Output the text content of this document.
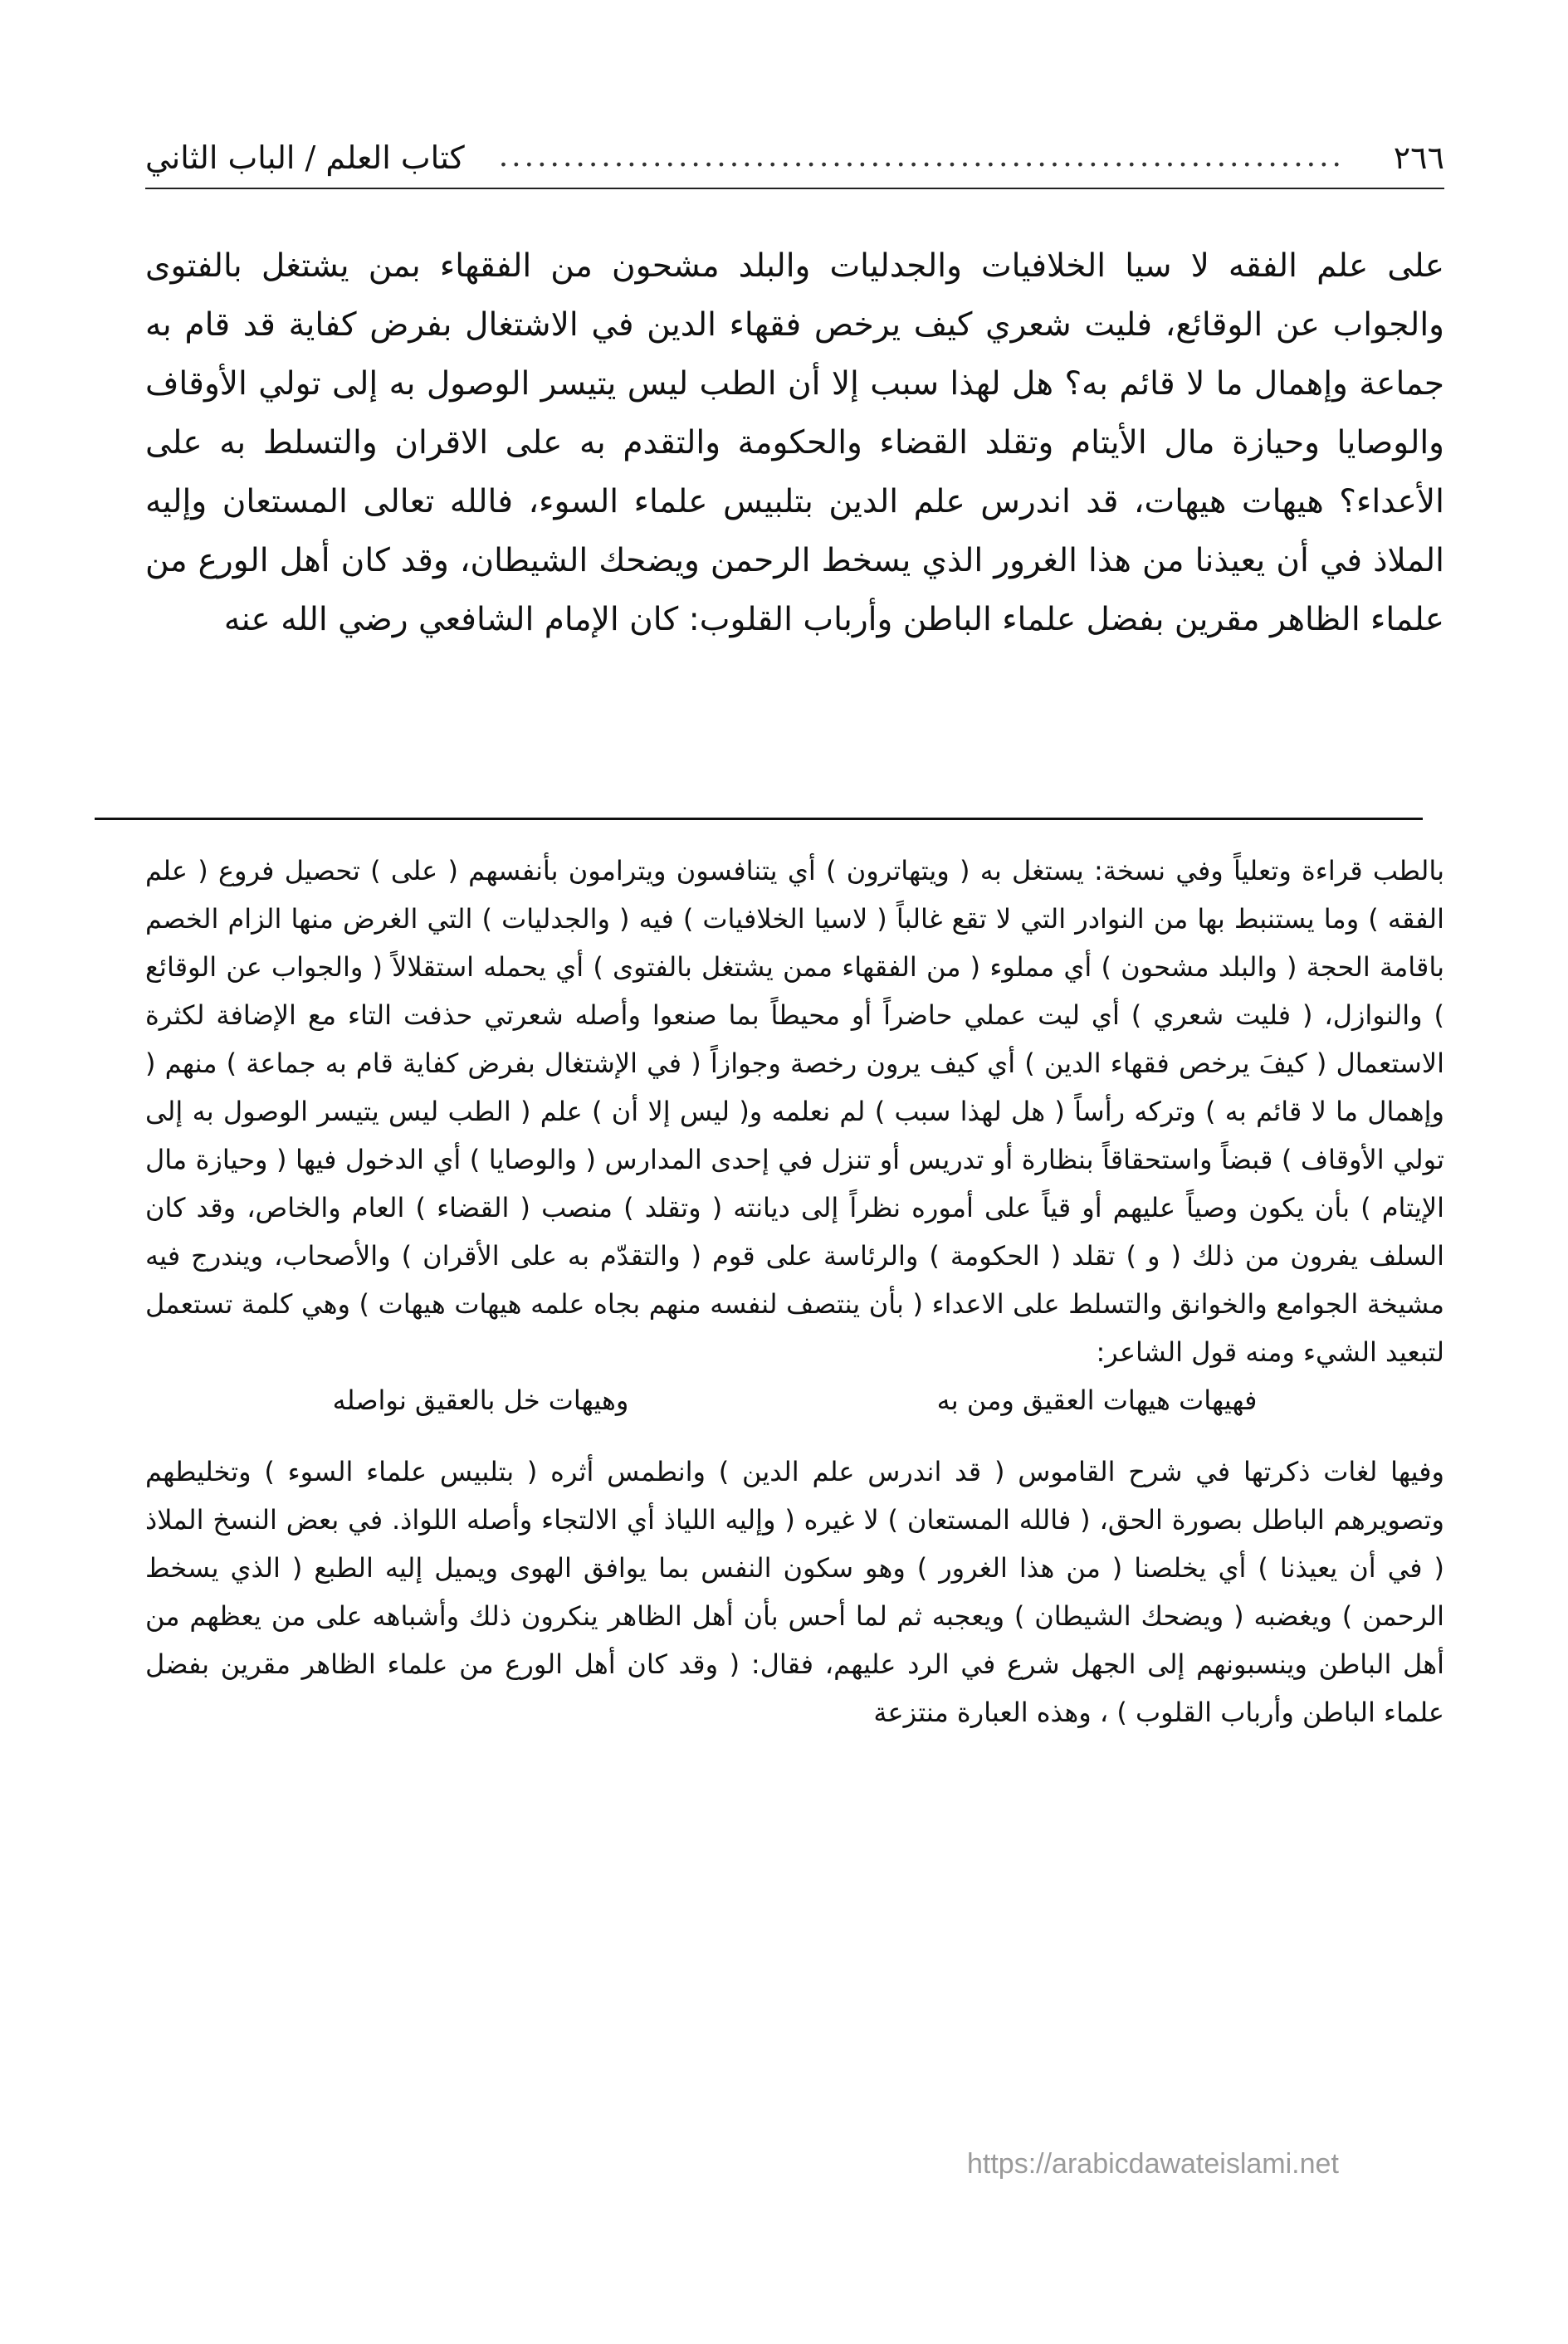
٢٦٦
..................................................................
كتاب العلم / الباب الثاني

على علم الفقه لا سيا الخلافيات والجدليات والبلد مشحون من الفقهاء بمن يشتغل بالفتوى والجواب عن الوقائع، فليت شعري كيف يرخص فقهاء الدين في الاشتغال بفرض كفاية قد قام به جماعة وإهمال ما لا قائم به؟ هل لهذا سبب إلا أن الطب ليس يتيسر الوصول به إلى تولي الأوقاف والوصايا وحيازة مال الأيتام وتقلد القضاء والحكومة والتقدم به على الاقران والتسلط به على الأعداء؟ هيهات هيهات، قد اندرس علم الدين بتلبيس علماء السوء، فالله تعالى المستعان وإليه الملاذ في أن يعيذنا من هذا الغرور الذي يسخط الرحمن ويضحك الشيطان، وقد كان أهل الورع من علماء الظاهر مقرين بفضل علماء الباطن وأرباب القلوب: كان الإمام الشافعي رضي الله عنه

بالطب قراءة وتعلياً وفي نسخة: يستغل به ( ويتهاترون ) أي يتنافسون ويترامون بأنفسهم ( على ) تحصيل فروع ( علم الفقه ) وما يستنبط بها من النوادر التي لا تقع غالباً ( لاسيا الخلافيات ) فيه ( والجدليات ) التي الغرض منها الزام الخصم باقامة الحجة ( والبلد مشحون ) أي مملوء ( من الفقهاء ممن يشتغل بالفتوى ) أي يحمله استقلالاً ( والجواب عن الوقائع ) والنوازل، ( فليت شعري ) أي ليت عملي حاضراً أو محيطاً بما صنعوا وأصله شعرتي حذفت التاء مع الإضافة لكثرة الاستعمال ( كيفَ يرخص فقهاء الدين ) أي كيف يرون رخصة وجوازاً ( في الإشتغال بفرض كفاية قام به جماعة ) منهم ( وإهمال ما لا قائم به ) وتركه رأساً ( هل لهذا سبب ) لم نعلمه و( ليس إلا أن ) علم ( الطب ليس يتيسر الوصول به إلى تولي الأوقاف ) قبضاً واستحقاقاً بنظارة أو تدريس أو تنزل في إحدى المدارس ( والوصايا ) أي الدخول فيها ( وحيازة مال الإيتام ) بأن يكون وصياً عليهم أو قياً على أموره نظراً إلى ديانته ( وتقلد ) منصب ( القضاء ) العام والخاص، وقد كان السلف يفرون من ذلك ( و ) تقلد ( الحكومة ) والرئاسة على قوم ( والتقدّم به على الأقران ) والأصحاب، ويندرج فيه مشيخة الجوامع والخوانق والتسلط على الاعداء ( بأن ينتصف لنفسه منهم بجاه علمه هيهات هيهات ) وهي كلمة تستعمل لتبعيد الشيء ومنه قول الشاعر:

فهيهات هيهات العقيق ومن به
وهيهات خل بالعقيق نواصله

وفيها لغات ذكرتها في شرح القاموس ( قد اندرس علم الدين ) وانطمس أثره ( بتلبيس علماء السوء ) وتخليطهم وتصويرهم الباطل بصورة الحق، ( فالله المستعان ) لا غيره ( وإليه اللياذ أي الالتجاء وأصله اللواذ. في بعض النسخ الملاذ ( في أن يعيذنا ) أي يخلصنا ( من هذا الغرور ) وهو سكون النفس بما يوافق الهوى ويميل إليه الطبع ( الذي يسخط الرحمن ) ويغضبه ( ويضحك الشيطان ) ويعجبه ثم لما أحس بأن أهل الظاهر ينكرون ذلك وأشباهه على من يعظهم من أهل الباطن وينسبونهم إلى الجهل شرع في الرد عليهم، فقال: ( وقد كان أهل الورع من علماء الظاهر مقرين بفضل علماء الباطن وأرباب القلوب ) ، وهذه العبارة منتزعة

https://arabicdawateislami.net
